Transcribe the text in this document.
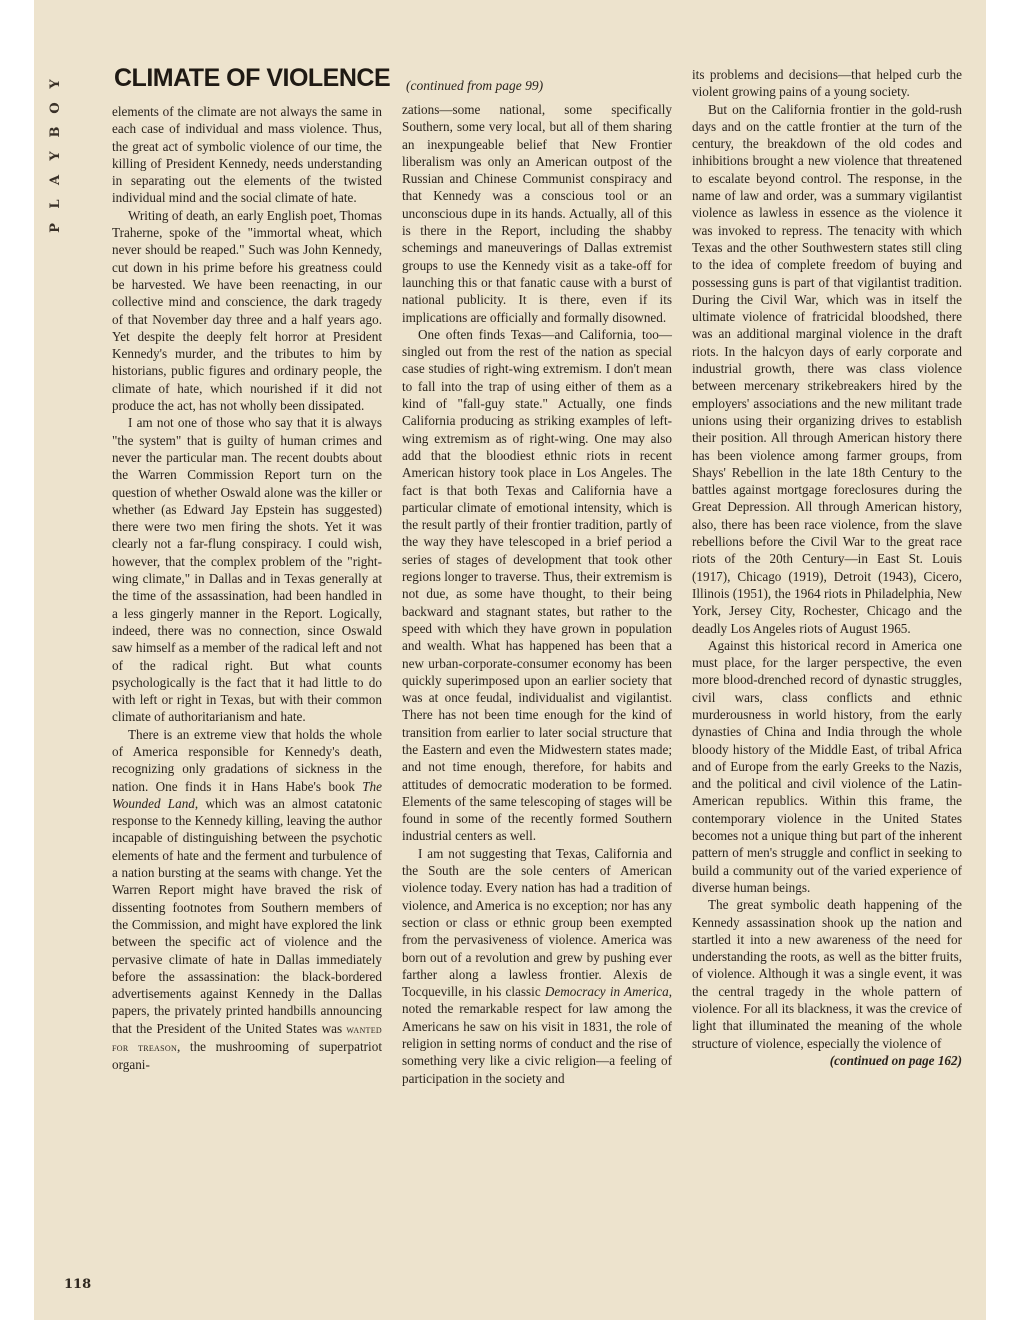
Y
O
B
Y
A
L
P
CLIMATE OF VIOLENCE (continued from page 99)

elements of the climate are not always the same in each case of individual and mass violence. Thus, the great act of symbolic violence of our time, the killing of President Kennedy, needs understanding in separating out the elements of the twisted individual mind and the social climate of hate.

Writing of death, an early English poet, Thomas Traherne, spoke of the "immortal wheat, which never should be reaped." Such was John Kennedy, cut down in his prime before his greatness could be harvested. We have been reenacting, in our collective mind and conscience, the dark tragedy of that November day three and a half years ago. Yet despite the deeply felt horror at President Kennedy's murder, and the tributes to him by historians, public figures and ordinary people, the climate of hate, which nourished if it did not produce the act, has not wholly been dissipated.

I am not one of those who say that it is always "the system" that is guilty of human crimes and never the particular man. The recent doubts about the Warren Commission Report turn on the question of whether Oswald alone was the killer or whether (as Edward Jay Epstein has suggested) there were two men firing the shots. Yet it was clearly not a far-flung conspiracy. I could wish, however, that the complex problem of the "right-wing climate," in Dallas and in Texas generally at the time of the assassination, had been handled in a less gingerly manner in the Report. Logically, indeed, there was no connection, since Oswald saw himself as a member of the radical left and not of the radical right. But what counts psychologically is the fact that it had little to do with left or right in Texas, but with their common climate of authoritarianism and hate.

There is an extreme view that holds the whole of America responsible for Kennedy's death, recognizing only gradations of sickness in the nation. One finds it in Hans Habe's book The Wounded Land, which was an almost catatonic response to the Kennedy killing, leaving the author incapable of distinguishing between the psychotic elements of hate and the ferment and turbulence of a nation bursting at the seams with change. Yet the Warren Report might have braved the risk of dissenting footnotes from Southern members of the Commission, and might have explored the link between the specific act of violence and the pervasive climate of hate in Dallas immediately before the assassination: the black-bordered advertisements against Kennedy in the Dallas papers, the privately printed handbills announcing that the President of the United States was wanted for treason, the mushrooming of superpatriot organi-

zations—some national, some specifically Southern, some very local, but all of them sharing an inexpungeable belief that New Frontier liberalism was only an American outpost of the Russian and Chinese Communist conspiracy and that Kennedy was a conscious tool or an unconscious dupe in its hands. Actually, all of this is there in the Report, including the shabby schemings and maneuverings of Dallas extremist groups to use the Kennedy visit as a take-off for launching this or that fanatic cause with a burst of national publicity. It is there, even if its implications are officially and formally disowned.

One often finds Texas—and California, too—singled out from the rest of the nation as special case studies of right-wing extremism. I don't mean to fall into the trap of using either of them as a kind of "fall-guy state." Actually, one finds California producing as striking examples of left-wing extremism as of right-wing. One may also add that the bloodiest ethnic riots in recent American history took place in Los Angeles. The fact is that both Texas and California have a particular climate of emotional intensity, which is the result partly of their frontier tradition, partly of the way they have telescoped in a brief period a series of stages of development that took other regions longer to traverse. Thus, their extremism is not due, as some have thought, to their being backward and stagnant states, but rather to the speed with which they have grown in population and wealth. What has happened has been that a new urban-corporate-consumer economy has been quickly superimposed upon an earlier society that was at once feudal, individualist and vigilantist. There has not been time enough for the kind of transition from earlier to later social structure that the Eastern and even the Midwestern states made; and not time enough, therefore, for habits and attitudes of democratic moderation to be formed. Elements of the same telescoping of stages will be found in some of the recently formed Southern industrial centers as well.

I am not suggesting that Texas, California and the South are the sole centers of American violence today. Every nation has had a tradition of violence, and America is no exception; nor has any section or class or ethnic group been exempted from the pervasiveness of violence. America was born out of a revolution and grew by pushing ever farther along a lawless frontier. Alexis de Tocqueville, in his classic Democracy in America, noted the remarkable respect for law among the Americans he saw on his visit in 1831, the role of religion in setting norms of conduct and the rise of something very like a civic religion—a feeling of participation in the society and

its problems and decisions—that helped curb the violent growing pains of a young society.

But on the California frontier in the gold-rush days and on the cattle frontier at the turn of the century, the breakdown of the old codes and inhibitions brought a new violence that threatened to escalate beyond control. The response, in the name of law and order, was a summary vigilantist violence as lawless in essence as the violence it was invoked to repress. The tenacity with which Texas and the other Southwestern states still cling to the idea of complete freedom of buying and possessing guns is part of that vigilantist tradition. During the Civil War, which was in itself the ultimate violence of fratricidal bloodshed, there was an additional marginal violence in the draft riots. In the halcyon days of early corporate and industrial growth, there was class violence between mercenary strikebreakers hired by the employers' associations and the new militant trade unions using their organizing drives to establish their position. All through American history there has been violence among farmer groups, from Shays' Rebellion in the late 18th Century to the battles against mortgage foreclosures during the Great Depression. All through American history, also, there has been race violence, from the slave rebellions before the Civil War to the great race riots of the 20th Century—in East St. Louis (1917), Chicago (1919), Detroit (1943), Cicero, Illinois (1951), the 1964 riots in Philadelphia, New York, Jersey City, Rochester, Chicago and the deadly Los Angeles riots of August 1965.

Against this historical record in America one must place, for the larger perspective, the even more blood-drenched record of dynastic struggles, civil wars, class conflicts and ethnic murderousness in world history, from the early dynasties of China and India through the whole bloody history of the Middle East, of tribal Africa and of Europe from the early Greeks to the Nazis, and the political and civil violence of the Latin-American republics. Within this frame, the contemporary violence in the United States becomes not a unique thing but part of the inherent pattern of men's struggle and conflict in seeking to build a community out of the varied experience of diverse human beings.

The great symbolic death happening of the Kennedy assassination shook up the nation and startled it into a new awareness of the need for understanding the roots, as well as the bitter fruits, of violence. Although it was a single event, it was the central tragedy in the whole pattern of violence. For all its blackness, it was the crevice of light that illuminated the meaning of the whole structure of violence, especially the violence of

(continued on page 162)
118
